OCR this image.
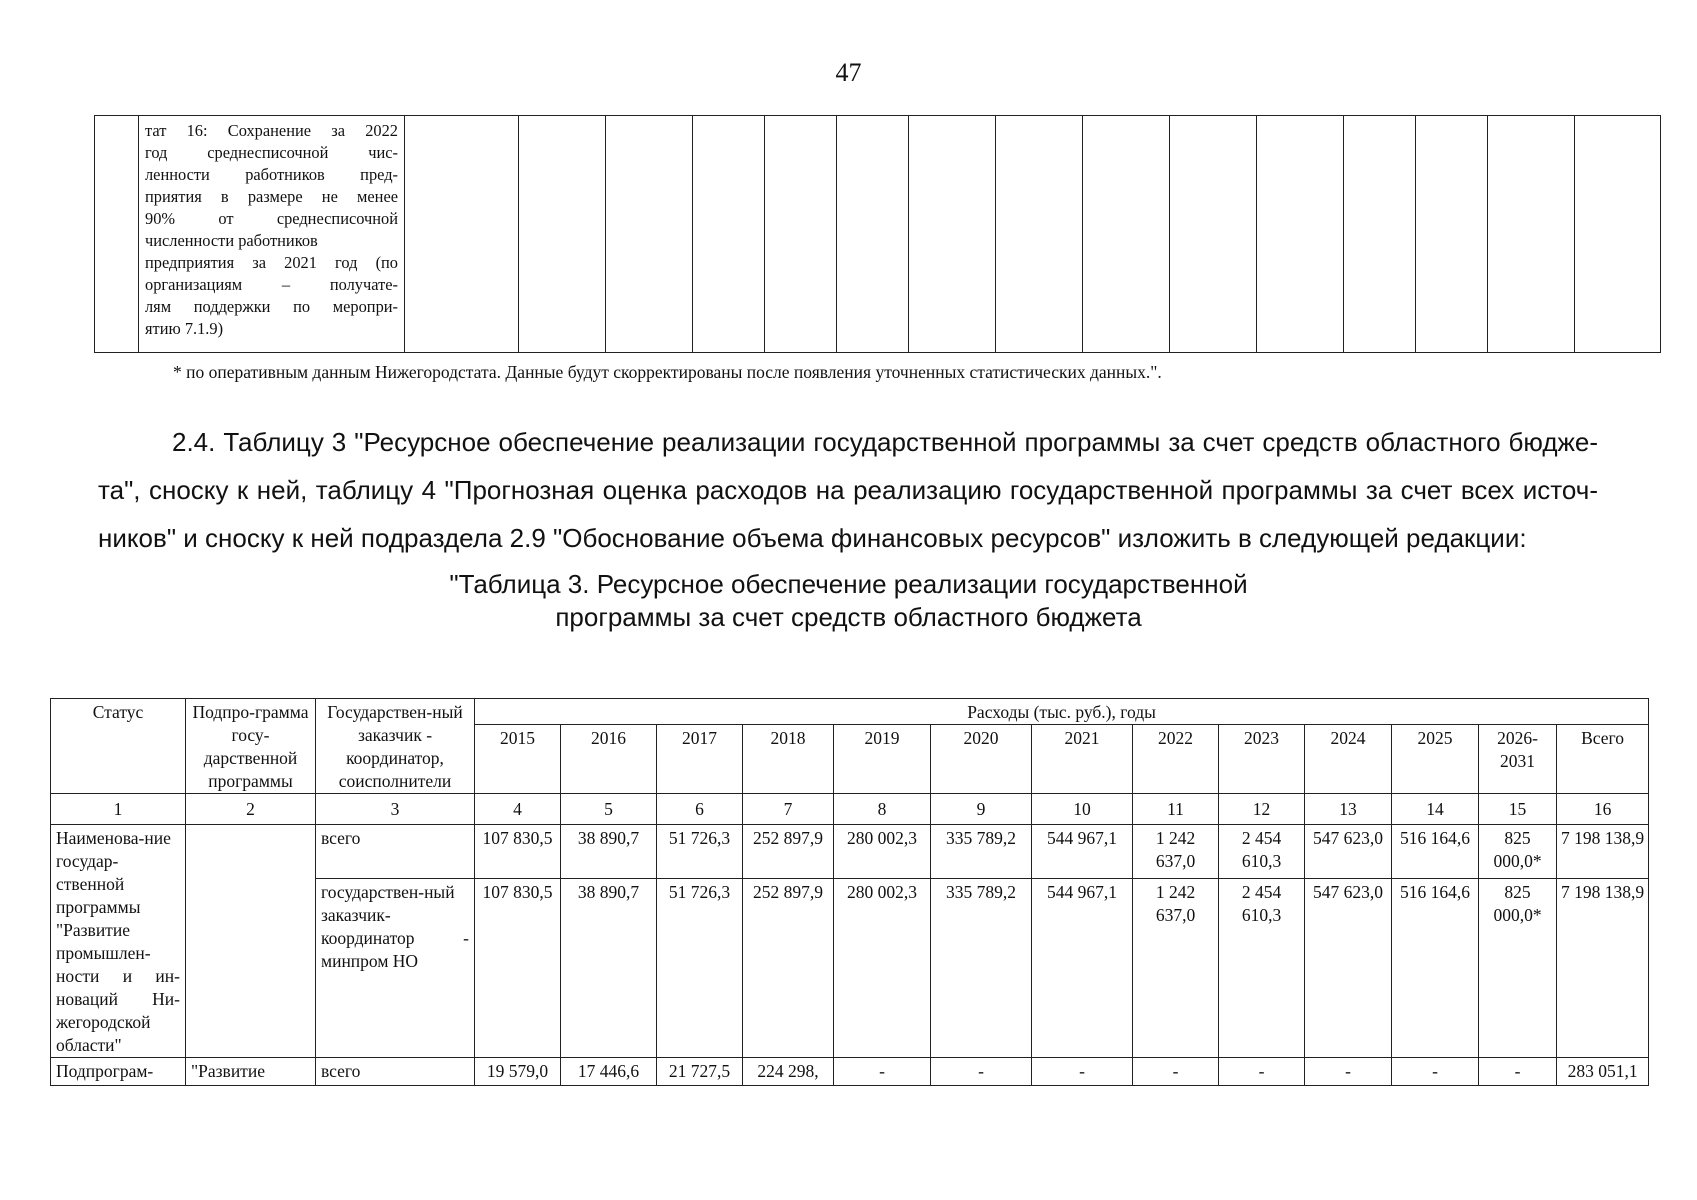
47

тат 16: Сохранение за 2022
год среднесписочной чис-
ленности работников пред-
приятия в размере не менее
90% от среднесписочной
численности работников
предприятия за 2021 год (по
организациям – получате-
лям поддержки по меропри-
ятию 7.1.9)

* по оперативным данным Нижегородстата. Данные будут скорректированы после появления уточненных статистических данных.".

2.4. Таблицу 3 "Ресурсное обеспечение реализации государственной программы за счет средств областного бюдже-та", сноску к ней, таблицу 4 "Прогнозная оценка расходов на реализацию государственной программы за счет всех источ-ников" и сноску к ней подраздела 2.9 "Обоснование объема финансовых ресурсов" изложить в следующей редакции:

"Таблица 3. Ресурсное обеспечение реализации государственной
программы за счет средств областного бюджета
Статус	Подпро-грамма госу-дарственной программы	Государствен-ный заказчик - координатор, соисполнители	Расходы (тыс. руб.), годы												
			2015	2016	2017	2018	2019	2020	2021	2022	2023	2024	2025	2026-2031	Всего
1	2	3	4	5	6	7	8	9	10	11	12	13	14	15	16
Наименова-ние государ-ственной программы "Развитие промышлен-ности и ин-новаций Ни-жегородской области"		всего	107 830,5	38 890,7	51 726,3	252 897,9	280 002,3	335 789,2	544 967,1	1 242 637,0	2 454 610,3	547 623,0	516 164,6	825 000,0*	7 198 138,9
		государствен-ный заказчик-координатор - минпром НО	107 830,5	38 890,7	51 726,3	252 897,9	280 002,3	335 789,2	544 967,1	1 242 637,0	2 454 610,3	547 623,0	516 164,6	825 000,0*	7 198 138,9
Подпрограм-	"Развитие	всего	19 579,0	17 446,6	21 727,5	224 298,	-	-	-	-	-	-	-	-	283 051,1
